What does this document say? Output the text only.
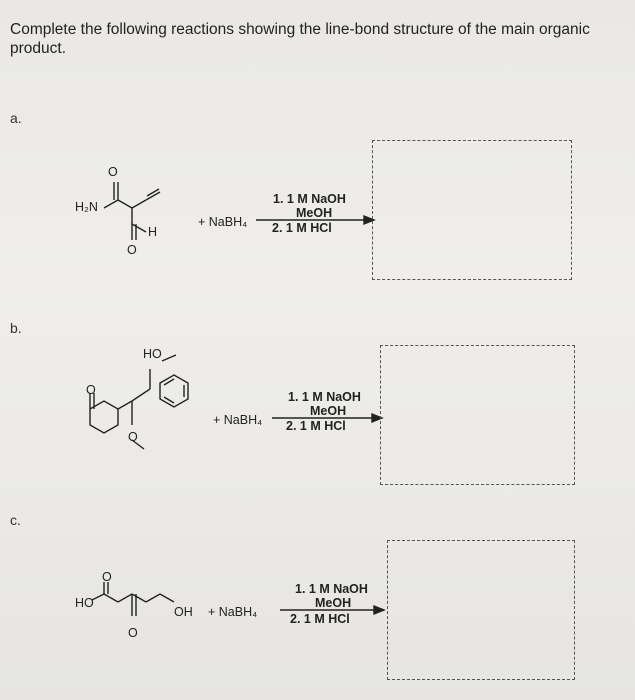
Complete the following reactions showing the line-bond structure of the main organic product.
a.
H₂N
O
H
O
+ NaBH₄
1. 1 M NaOH
MeOH
2. 1 M HCl
b.
HO
O
O
+ NaBH₄
1. 1 M NaOH
MeOH
2. 1 M HCl
c.
HO
O
O
OH + NaBH₄
1. 1 M NaOH
MeOH
2. 1 M HCl
